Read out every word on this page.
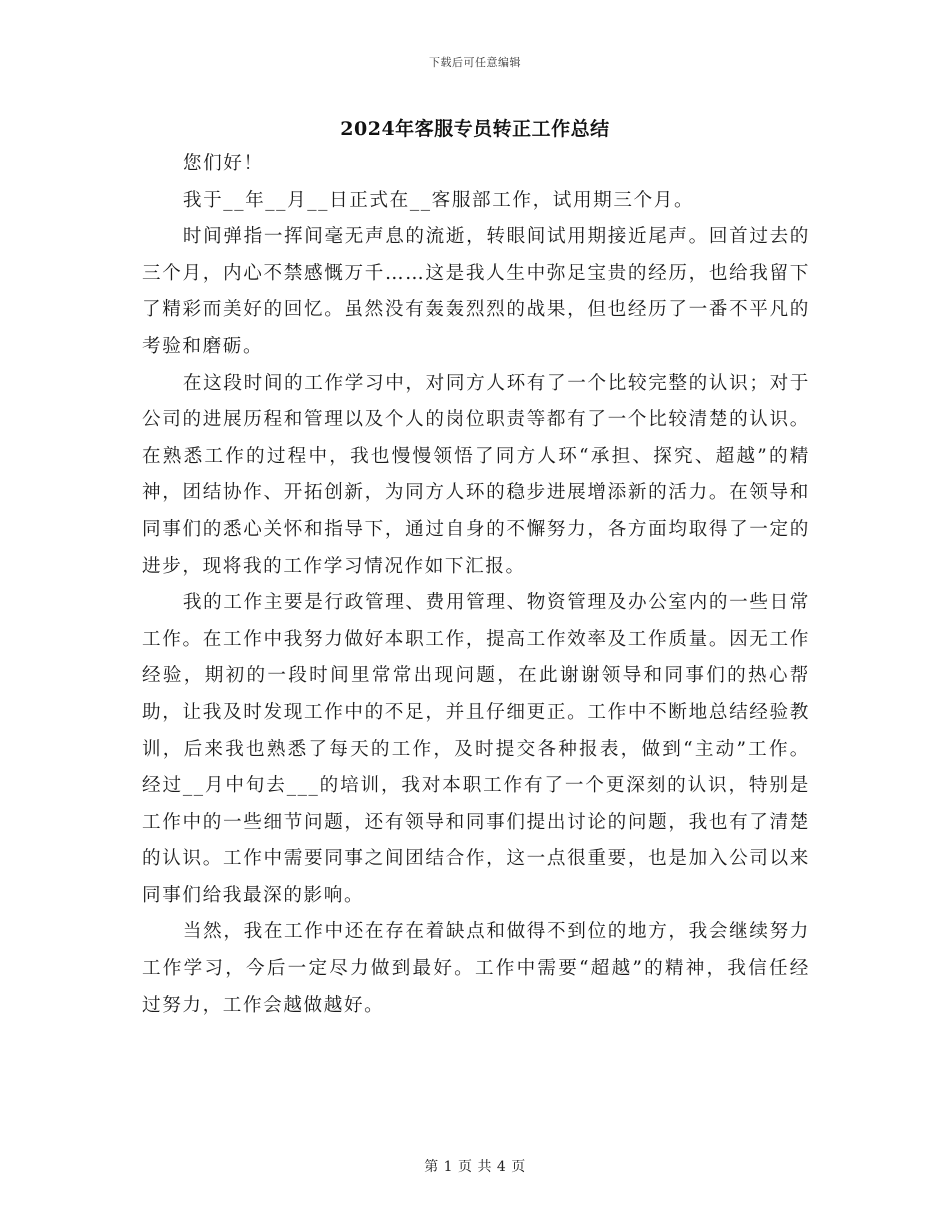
下载后可任意编辑
2024年客服专员转正工作总结

您们好！

我于__年__月__日正式在__客服部工作，试用期三个月。

时间弹指一挥间毫无声息的流逝，转眼间试用期接近尾声。回首过去的三个月，内心不禁感慨万千……这是我人生中弥足宝贵的经历，也给我留下了精彩而美好的回忆。虽然没有轰轰烈烈的战果，但也经历了一番不平凡的考验和磨砺。

在这段时间的工作学习中，对同方人环有了一个比较完整的认识；对于公司的进展历程和管理以及个人的岗位职责等都有了一个比较清楚的认识。在熟悉工作的过程中，我也慢慢领悟了同方人环“承担、探究、超越”的精神，团结协作、开拓创新，为同方人环的稳步进展增添新的活力。在领导和同事们的悉心关怀和指导下，通过自身的不懈努力，各方面均取得了一定的进步，现将我的工作学习情况作如下汇报。

我的工作主要是行政管理、费用管理、物资管理及办公室内的一些日常工作。在工作中我努力做好本职工作，提高工作效率及工作质量。因无工作经验，期初的一段时间里常常出现问题，在此谢谢领导和同事们的热心帮助，让我及时发现工作中的不足，并且仔细更正。工作中不断地总结经验教训，后来我也熟悉了每天的工作，及时提交各种报表，做到“主动”工作。经过__月中旬去___的培训，我对本职工作有了一个更深刻的认识，特别是工作中的一些细节问题，还有领导和同事们提出讨论的问题，我也有了清楚的认识。工作中需要同事之间团结合作，这一点很重要，也是加入公司以来同事们给我最深的影响。

当然，我在工作中还在存在着缺点和做得不到位的地方，我会继续努力工作学习，今后一定尽力做到最好。工作中需要“超越”的精神，我信任经过努力，工作会越做越好。

第 1 页 共 4 页
